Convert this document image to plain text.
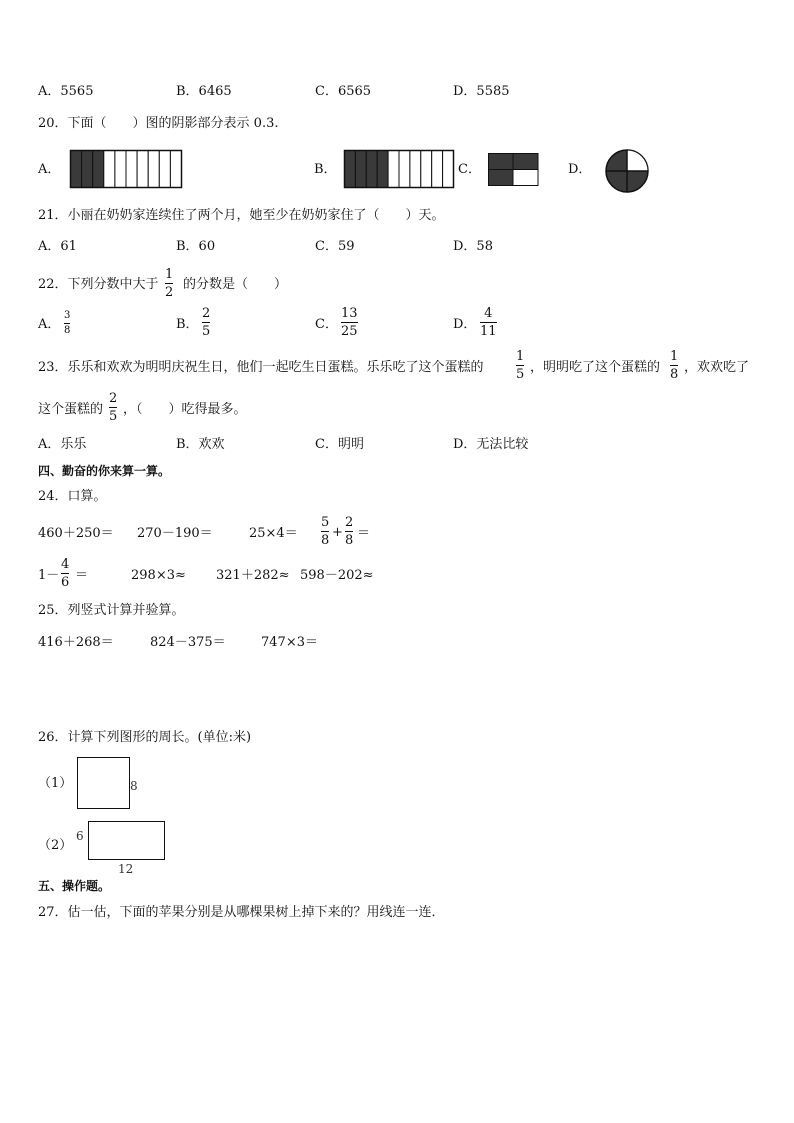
A．5565	B．6465	C．6565	D．5585
20．下面（　　）图的阴影部分表示 0.3.
A．	B．	C．	D．
21．小丽在奶奶家连续住了两个月，她至少在奶奶家住了（　　）天。
A．61	B．60	C．59	D．58
22．下列分数中大于
1
2
的分数是（　　）
A．
3
8	B．
2
5	C．
13
25	D．
4
11
23．乐乐和欢欢为明明庆祝生日，他们一起吃生日蛋糕。乐乐吃了这个蛋糕的
1
5 ，明明吃了这个蛋糕的
1
8 ，欢欢吃了
这个蛋糕的
2
5 ，（　　）吃得最多。
A．乐乐	B．欢欢	C．明明	D．无法比较
四、勤奋的你来算一算。
24．口算。
460＋250＝ 270－190＝	25×4＝
5
8
+
2
8 ＝
1－
4
6 ＝	298×3≈ 321＋282≈ 598－202≈
25．列竖式计算并验算。
416＋268＝	824－375＝	747×3＝
26．计算下列图形的周长。(单位:米)
（1）	8
（2）
6
12
五、操作题。
27．估一估，下面的苹果分别是从哪棵果树上掉下来的？用线连一连．
